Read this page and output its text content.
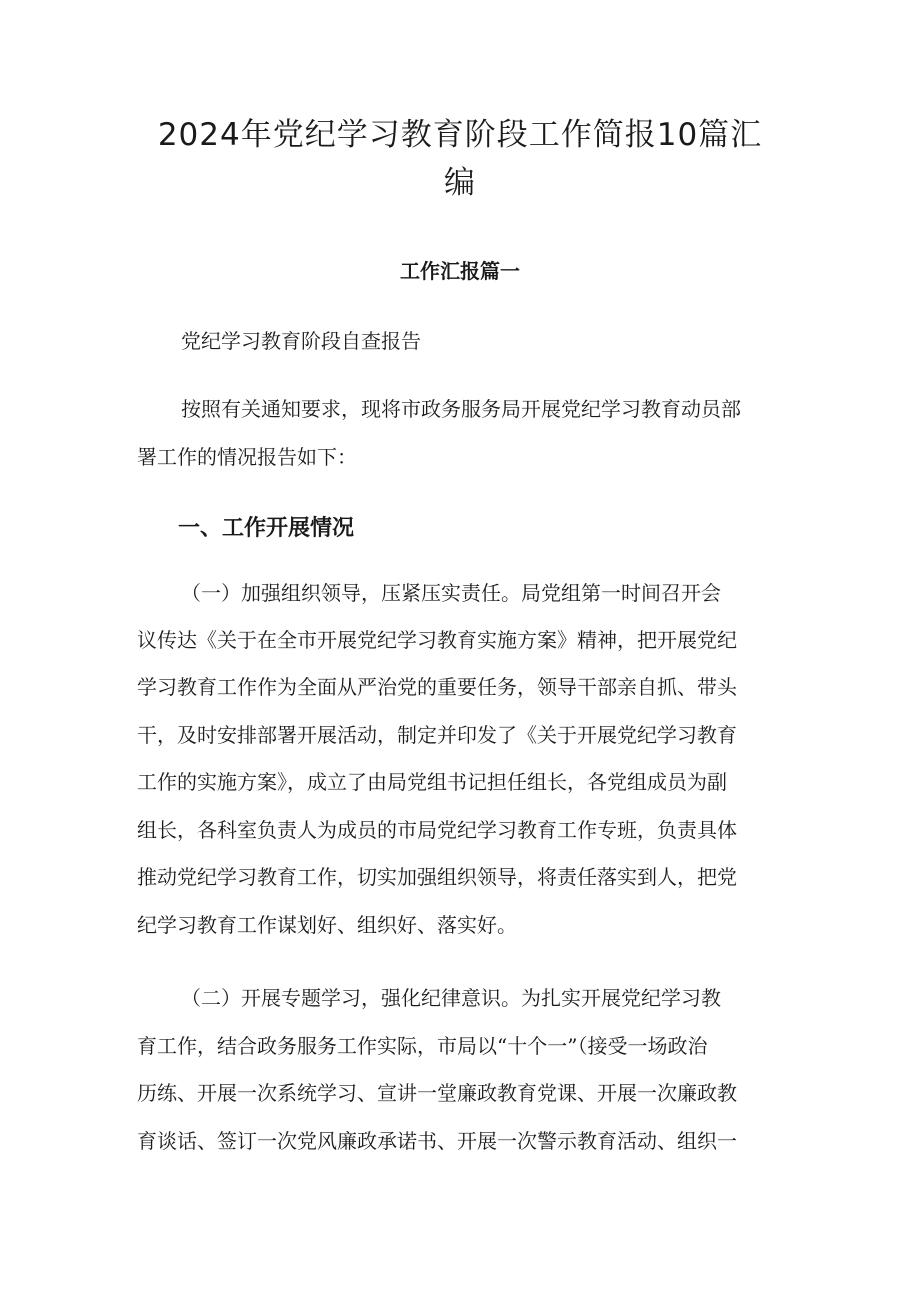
2024年党纪学习教育阶段工作简报10篇汇
编
工作汇报篇一
党纪学习教育阶段自查报告
按照有关通知要求，现将市政务服务局开展党纪学习教育动员部
署工作的情况报告如下：
一、工作开展情况
（一）加强组织领导，压紧压实责任。局党组第一时间召开会
议传达《关于在全市开展党纪学习教育实施方案》精神，把开展党纪
学习教育工作作为全面从严治党的重要任务，领导干部亲自抓、带头
干，及时安排部署开展活动，制定并印发了《关于开展党纪学习教育
工作的实施方案》，成立了由局党组书记担任组长，各党组成员为副
组长，各科室负责人为成员的市局党纪学习教育工作专班，负责具体
推动党纪学习教育工作，切实加强组织领导，将责任落实到人，把党
纪学习教育工作谋划好、组织好、落实好。
（二）开展专题学习，强化纪律意识。为扎实开展党纪学习教
育工作，结合政务服务工作实际，市局以“十个一”（接受一场政治
历练、开展一次系统学习、宣讲一堂廉政教育党课、开展一次廉政教
育谈话、签订一次党风廉政承诺书、开展一次警示教育活动、组织一
